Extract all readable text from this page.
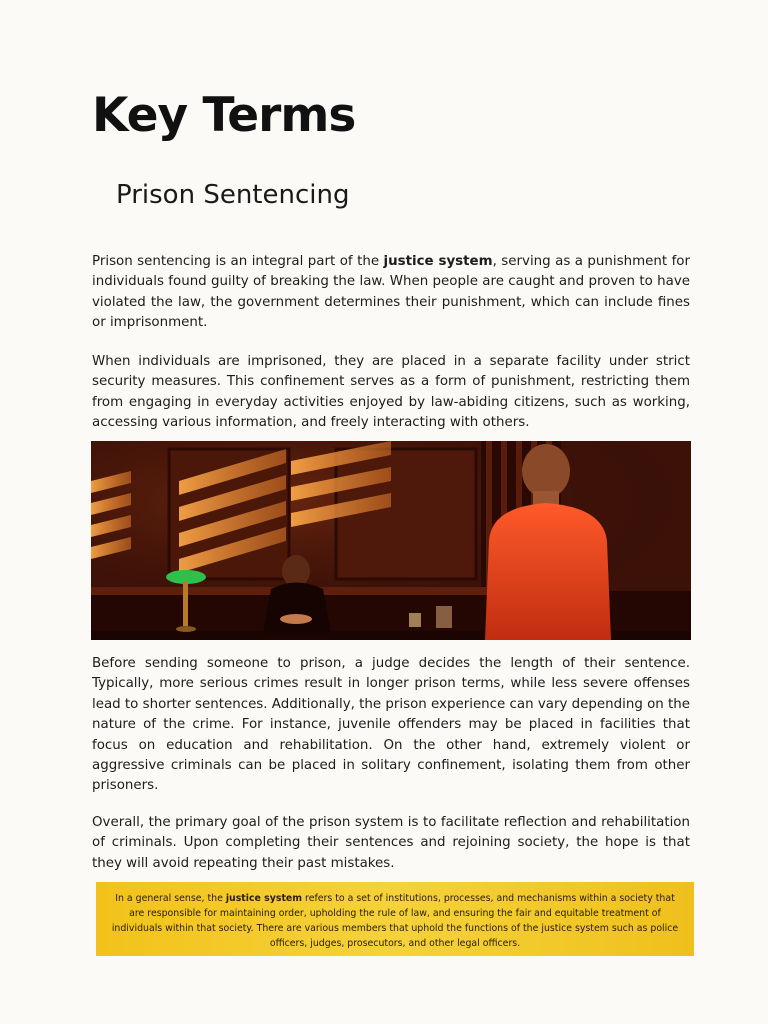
Key Terms
Prison Sentencing
Prison sentencing is an integral part of the justice system, serving as a punishment for individuals found guilty of breaking the law. When people are caught and proven to have violated the law, the government determines their punishment, which can include fines or imprisonment.
When individuals are imprisoned, they are placed in a separate facility under strict security measures. This confinement serves as a form of punishment, restricting them from engaging in everyday activities enjoyed by law-abiding citizens, such as working, accessing various information, and freely interacting with others.
Before sending someone to prison, a judge decides the length of their sentence. Typically, more serious crimes result in longer prison terms, while less severe offenses lead to shorter sentences. Additionally, the prison experience can vary depending on the nature of the crime. For instance, juvenile offenders may be placed in facilities that focus on education and rehabilitation. On the other hand, extremely violent or aggressive criminals can be placed in solitary confinement, isolating them from other prisoners.
Overall, the primary goal of the prison system is to facilitate reflection and rehabilitation of criminals. Upon completing their sentences and rejoining society, the hope is that they will avoid repeating their past mistakes.
In a general sense, the justice system refers to a set of institutions, processes, and mechanisms within a society that are responsible for maintaining order, upholding the rule of law, and ensuring the fair and equitable treatment of individuals within that society. There are various members that uphold the functions of the justice system such as police officers, judges, prosecutors, and other legal officers.
